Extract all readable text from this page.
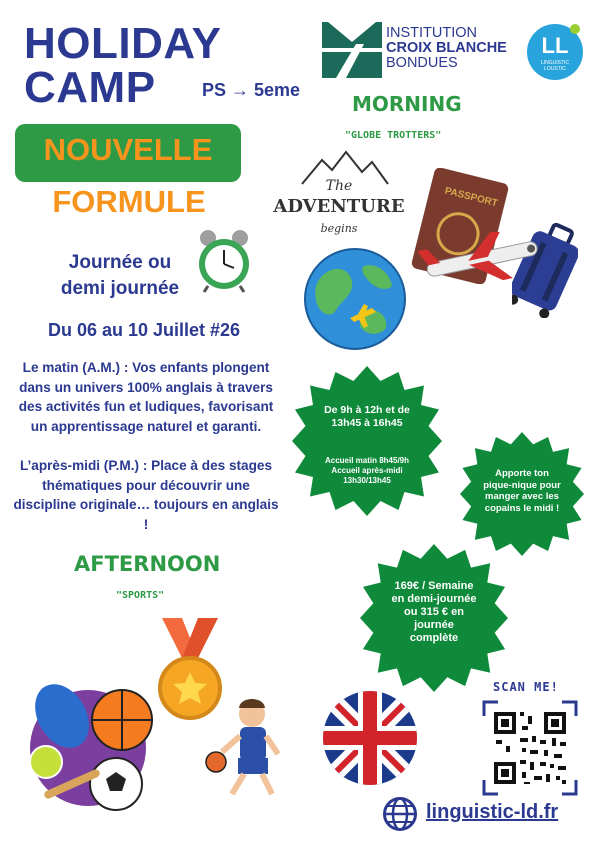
HOLIDAY
CAMP	PS → 5eme
NOUVELLE
FORMULE
INSTITUTION
CROIX BLANCHE
BONDUES
LL
LINGUISTIC LOUSTIC
Journée ou
demi journée
Du 06 au 10 Juillet #26
Le matin (A.M.) : Vos enfants plongent dans un univers 100% anglais à travers des activités fun et ludiques, favorisant un apprentissage naturel et garanti.
L’après-midi (P.M.) : Place à des stages thématiques pour découvrir une discipline originale… toujours en anglais !
MORNING
"GLOBE TROTTERS"
The
ADVENTURE
begins
PASSPORT
De 9h à 12h et de 13h45 à 16h45
Accueil matin 8h45/9h
Accueil après-midi 13h30/13h45
Apporte ton pique-nique pour manger avec les copains le midi !
169€ / Semaine en demi-journée ou 315 € en journée complète
AFTERNOON
"SPORTS"
SCAN ME!
linguistic-ld.fr
